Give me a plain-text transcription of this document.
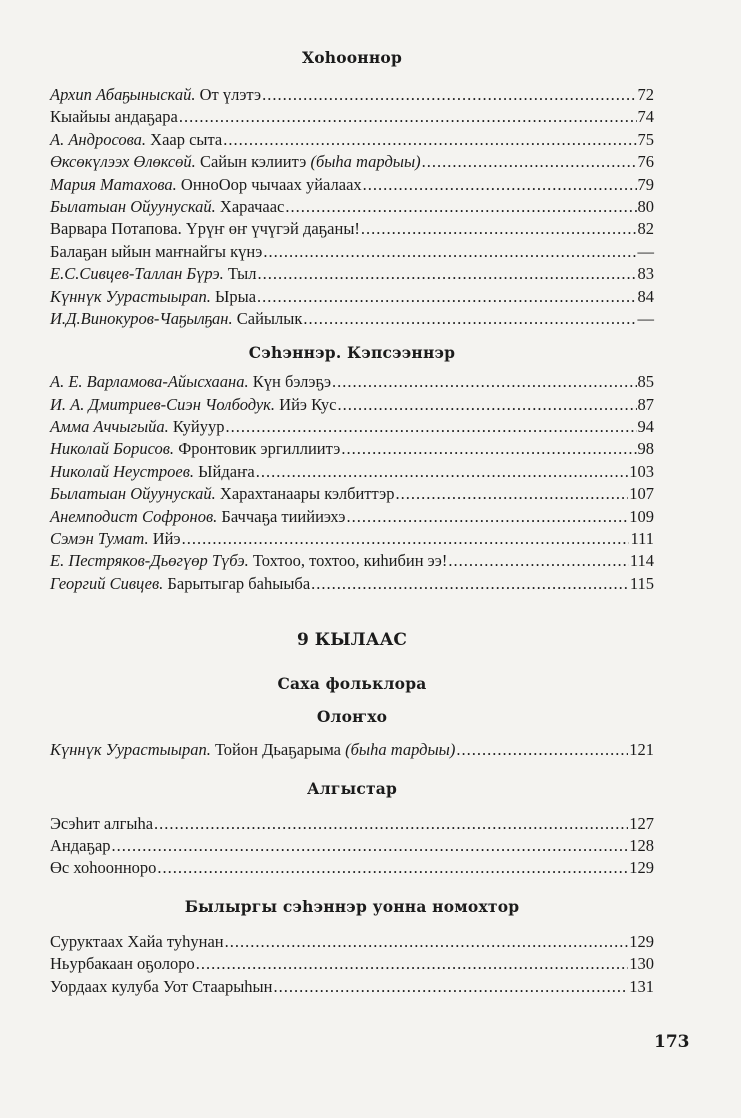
Хоhооннор
Архип Абаҕыныскай. От үлэтэ .....	72
Кыайыы андаҕара .....	74
А. Андросова. Хаар сыта .....	75
Өксөкүлээх Өлөксөй. Сайын кэлиитэ (быhа тардыы) .....	76
Мария Матахова. ОнноОор чычаах уйалаах .....	79
Былатыан Ойуунускай. Харачаас .....	80
Варвара Потапова. Үрүҥ өҥ үчүгэй даҕаны! .....	82
Балаҕан ыйын маҥнайгы күнэ .....	—
Е.С.Сивцев-Таллан Бүрэ. Тыл .....	83
Күннүк Уурастыырап. Ырыа .....	84
И.Д.Винокуров-Чаҕылҕан. Сайылык .....	—
Сэhэннэр. Кэпсээннэр
А. Е. Варламова-Айысхаана. Күн бэлэҕэ .....	85
И. А. Дмитриев-Сиэн Чолбодук. Ийэ Кус .....	87
Амма Аччыгыйа. Куйуур .....	94
Николай Борисов. Фронтовик эргиллиитэ .....	98
Николай Неустроев. Ыйдаҥа .....	103
Былатыан Ойуунускай. Харахтанаары кэлбиттэр .....	107
Анемподист Софронов. Баччаҕа тиийиэхэ .....	109
Сэмэн Тумат. Ийэ .....	111
Е. Пестряков-Дьөгүөр Түбэ. Тохтоо, тохтоо, киhибин ээ! .....	114
Георгий Сивцев. Барытыгар баhыыба .....	115
9 КЫЛААС
Саха фольклора
Олоҥхо
Күннүк Уурастыырап. Тойон Дьаҕарыма (быhа тардыы) .....	121
Алгыстар
Эсэhит алгыhа .....	127
Андаҕар .....	128
Өс хоhоонноро .....	129
Былыргы сэhэннэр уонна номохтор
Суруктаах Хайа туhунан .....	129
Ньурбакаан оҕолоро .....	130
Уордаах кулуба Уот Стаарыhын .....	131
173
